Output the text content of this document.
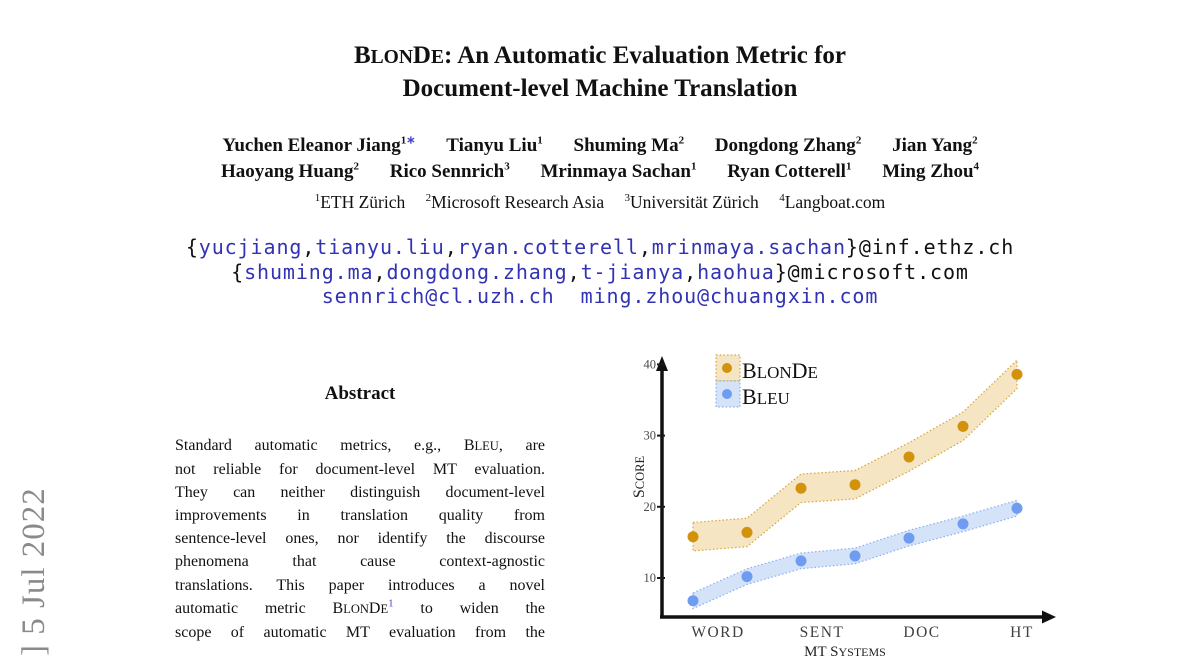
] 5 Jul 2022
BLONDE: An Automatic Evaluation Metric for
Document-level Machine Translation
Yuchen Eleanor Jiang$^{1∗}$ Tianyu Liu$^1$ Shuming Ma$^2$ Dongdong Zhang$^2$ Jian Yang$^2$
Haoyang Huang$^2$ Rico Sennrich$^3$ Mrinmaya Sachan$^1$ Ryan Cotterell$^1$ Ming Zhou$^4$
$^1$ETH Zürich $^2$Microsoft Research Asia $^3$Universität Zürich $^4$Langboat.com
{yucjiang,tianyu.liu,ryan.cotterell,mrinmaya.sachan}@inf.ethz.ch
{shuming.ma,dongdong.zhang,t-jianya,haohua}@microsoft.com
sennrich@cl.uzh.ch ming.zhou@chuangxin.com
Abstract
Standard automatic metrics, e.g., BLEU, are
not reliable for document-level MT evaluation.
They can neither distinguish document-level
improvements in translation quality from
sentence-level ones, nor identify the discourse
phenomena that cause context-agnostic
translations. This paper introduces a novel
automatic metric BLONDE$^1$ to widen the
scope of automatic MT evaluation from the
10
20
30
40
WORD	SENT	DOC	HT
SCORE
MT SYSTEMS
BLONDE
BLEU
